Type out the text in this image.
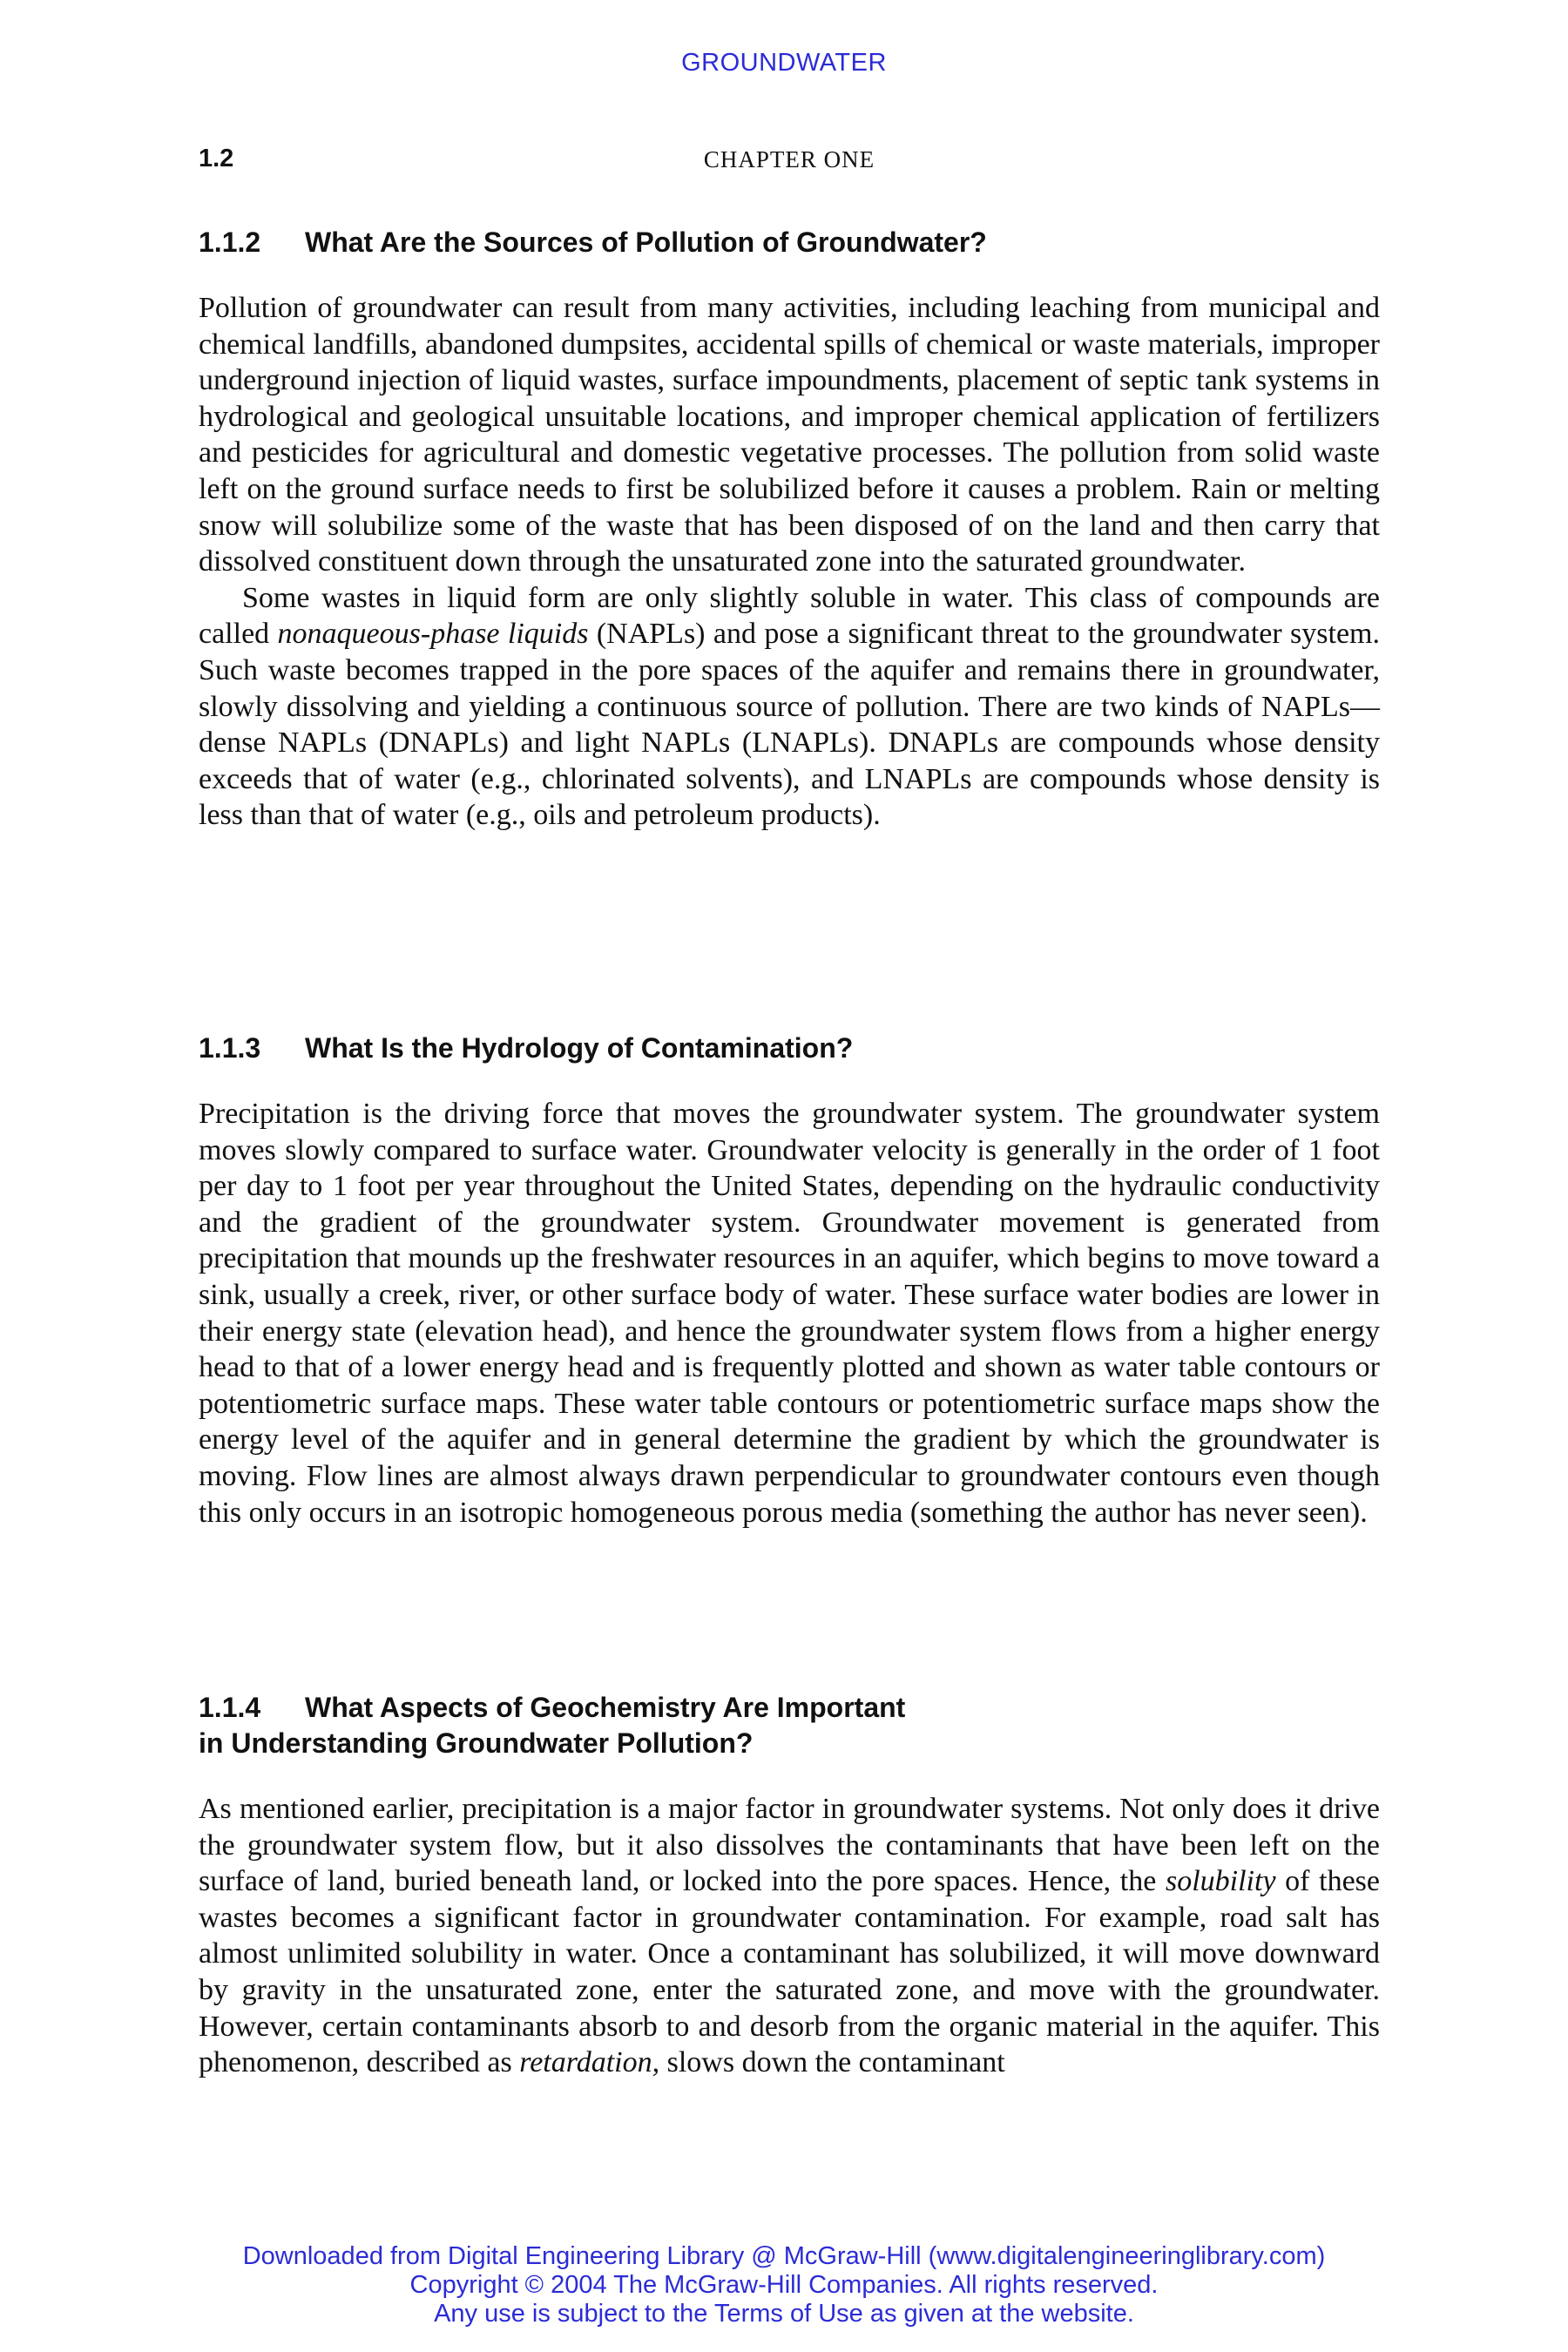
GROUNDWATER
1.2	CHAPTER ONE
1.1.2 What Are the Sources of Pollution of Groundwater?

Pollution of groundwater can result from many activities, including leaching from municipal and chemical landfills, abandoned dumpsites, accidental spills of chemical or waste materials, improper underground injection of liquid wastes, surface impoundments, placement of septic tank systems in hydrological and geological unsuitable locations, and improper chemical application of fertilizers and pesticides for agricultural and domestic vegetative processes. The pollution from solid waste left on the ground surface needs to first be solubilized before it causes a problem. Rain or melting snow will solubilize some of the waste that has been disposed of on the land and then carry that dissolved constituent down through the unsaturated zone into the saturated groundwater.

Some wastes in liquid form are only slightly soluble in water. This class of compounds are called nonaqueous-phase liquids (NAPLs) and pose a significant threat to the groundwater system. Such waste becomes trapped in the pore spaces of the aquifer and remains there in groundwater, slowly dissolving and yielding a continuous source of pollution. There are two kinds of NAPLs—dense NAPLs (DNAPLs) and light NAPLs (LNAPLs). DNAPLs are compounds whose density exceeds that of water (e.g., chlorinated solvents), and LNAPLs are compounds whose density is less than that of water (e.g., oils and petroleum products).

1.1.3 What Is the Hydrology of Contamination?

Precipitation is the driving force that moves the groundwater system. The groundwater system moves slowly compared to surface water. Groundwater velocity is generally in the order of 1 foot per day to 1 foot per year throughout the United States, depending on the hydraulic conductivity and the gradient of the groundwater system. Groundwater movement is generated from precipitation that mounds up the freshwater resources in an aquifer, which begins to move toward a sink, usually a creek, river, or other surface body of water. These surface water bodies are lower in their energy state (elevation head), and hence the groundwater system flows from a higher energy head to that of a lower energy head and is frequently plotted and shown as water table contours or potentiometric surface maps. These water table contours or potentiometric surface maps show the energy level of the aquifer and in general determine the gradient by which the groundwater is moving. Flow lines are almost always drawn perpendicular to groundwater contours even though this only occurs in an isotropic homogeneous porous media (something the author has never seen).

1.1.4 What Aspects of Geochemistry Are Important
in Understanding Groundwater Pollution?

As mentioned earlier, precipitation is a major factor in groundwater systems. Not only does it drive the groundwater system flow, but it also dissolves the contaminants that have been left on the surface of land, buried beneath land, or locked into the pore spaces. Hence, the solubility of these wastes becomes a significant factor in groundwater contamination. For example, road salt has almost unlimited solubility in water. Once a contaminant has solubilized, it will move downward by gravity in the unsaturated zone, enter the saturated zone, and move with the groundwater. However, certain contaminants absorb to and desorb from the organic material in the aquifer. This phenomenon, described as retardation, slows down the contaminant

Downloaded from Digital Engineering Library @ McGraw-Hill (www.digitalengineeringlibrary.com)
Copyright © 2004 The McGraw-Hill Companies. All rights reserved.
Any use is subject to the Terms of Use as given at the website.
